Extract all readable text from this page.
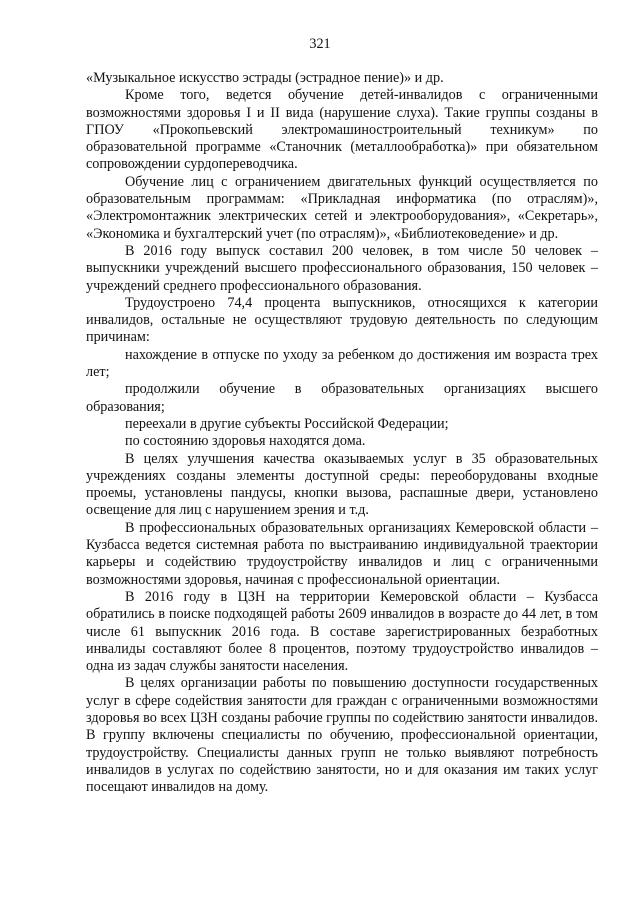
321

«Музыкальное искусство эстрады (эстрадное пение)» и др.

Кроме того, ведется обучение детей-инвалидов с ограниченными возможностями здоровья I и II вида (нарушение слуха). Такие группы созданы в ГПОУ «Прокопьевский электромашиностроительный техникум» по образовательной программе «Станочник (металлообработка)» при обязательном сопровождении сурдопереводчика.

Обучение лиц с ограничением двигательных функций осуществляется по образовательным программам: «Прикладная информатика (по отраслям)», «Электромонтажник электрических сетей и электрооборудования», «Секретарь», «Экономика и бухгалтерский учет (по отраслям)», «Библиотековедение» и др.

В 2016 году выпуск составил 200 человек, в том числе 50 человек – выпускники учреждений высшего профессионального образования, 150 человек – учреждений среднего профессионального образования.

Трудоустроено 74,4 процента выпускников, относящихся к категории инвалидов, остальные не осуществляют трудовую деятельность по следующим причинам:

нахождение в отпуске по уходу за ребенком до достижения им возраста трех лет;

продолжили обучение в образовательных организациях высшего образования;

переехали в другие субъекты Российской Федерации;

по состоянию здоровья находятся дома.

В целях улучшения качества оказываемых услуг в 35 образовательных учреждениях созданы элементы доступной среды: переоборудованы входные проемы, установлены пандусы, кнопки вызова, распашные двери, установлено освещение для лиц с нарушением зрения и т.д.

В профессиональных образовательных организациях Кемеровской области – Кузбасса ведется системная работа по выстраиванию индивидуальной траектории карьеры и содействию трудоустройству инвалидов и лиц с ограниченными возможностями здоровья, начиная с профессиональной ориентации.

В 2016 году в ЦЗН на территории Кемеровской области – Кузбасса обратились в поиске подходящей работы 2609 инвалидов в возрасте до 44 лет, в том числе 61 выпускник 2016 года. В составе зарегистрированных безработных инвалиды составляют более 8 процентов, поэтому трудоустройство инвалидов – одна из задач службы занятости населения.

В целях организации работы по повышению доступности государственных услуг в сфере содействия занятости для граждан с ограниченными возможностями здоровья во всех ЦЗН созданы рабочие группы по содействию занятости инвалидов. В группу включены специалисты по обучению, профессиональной ориентации, трудоустройству. Специалисты данных групп не только выявляют потребность инвалидов в услугах по содействию занятости, но и для оказания им таких услуг посещают инвалидов на дому.
